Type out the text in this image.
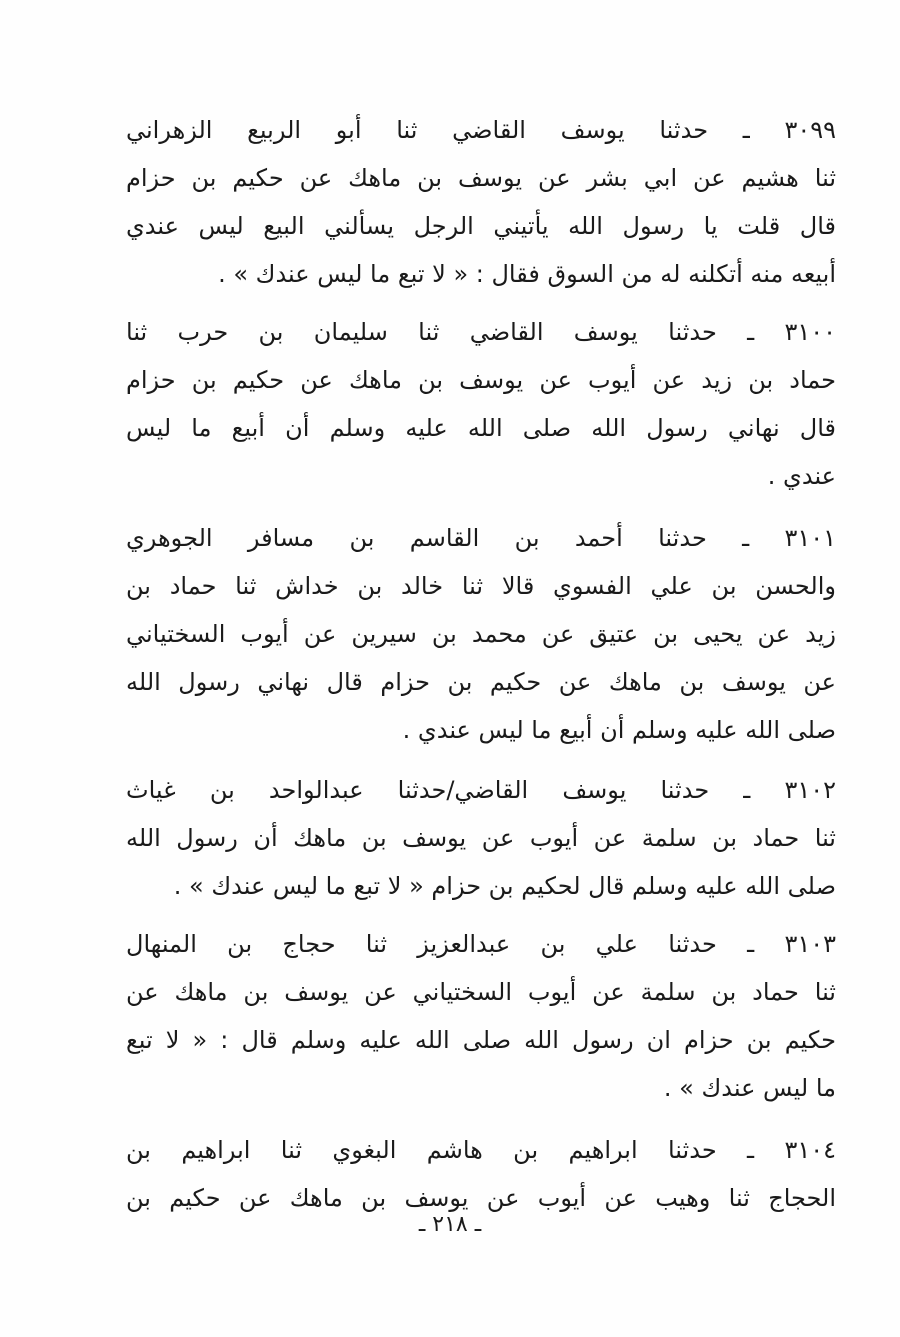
٣٠٩٩ ـ حدثنا يوسف القاضي ثنا أبو الربيع الزهراني
ثنا هشيم عن ابي بشر عن يوسف بن ماهك عن حكيم بن حزام
قال قلت يا رسول الله يأتيني الرجل يسألني البيع ليس عندي
أبيعه منه أتكلنه له من السوق فقال : « لا تبع ما ليس عندك » .
٣١٠٠ ـ حدثنا يوسف القاضي ثنا سليمان بن حرب ثنا
حماد بن زيد عن أيوب عن يوسف بن ماهك عن حكيم بن حزام
قال نهاني رسول الله صلى الله عليه وسلم أن أبيع ما ليس
عندي .
٣١٠١ ـ حدثنا أحمد بن القاسم بن مسافر الجوهري
والحسن بن علي الفسوي قالا ثنا خالد بن خداش ثنا حماد بن
زيد عن يحيى بن عتيق عن محمد بن سيرين عن أيوب السختياني
عن يوسف بن ماهك عن حكيم بن حزام قال نهاني رسول الله
صلى الله عليه وسلم أن أبيع ما ليس عندي .
٣١٠٢ ـ حدثنا يوسف القاضي/حدثنا عبدالواحد بن غياث
ثنا حماد بن سلمة عن أيوب عن يوسف بن ماهك أن رسول الله
صلى الله عليه وسلم قال لحكيم بن حزام « لا تبع ما ليس عندك » .
٣١٠٣ ـ حدثنا علي بن عبدالعزيز ثنا حجاج بن المنهال
ثنا حماد بن سلمة عن أيوب السختياني عن يوسف بن ماهك عن
حكيم بن حزام ان رسول الله صلى الله عليه وسلم قال : « لا تبع
ما ليس عندك » .
٣١٠٤ ـ حدثنا ابراهيم بن هاشم البغوي ثنا ابراهيم بن
الحجاج ثنا وهيب عن أيوب عن يوسف بن ماهك عن حكيم بن
ـ ٢١٨ ـ
